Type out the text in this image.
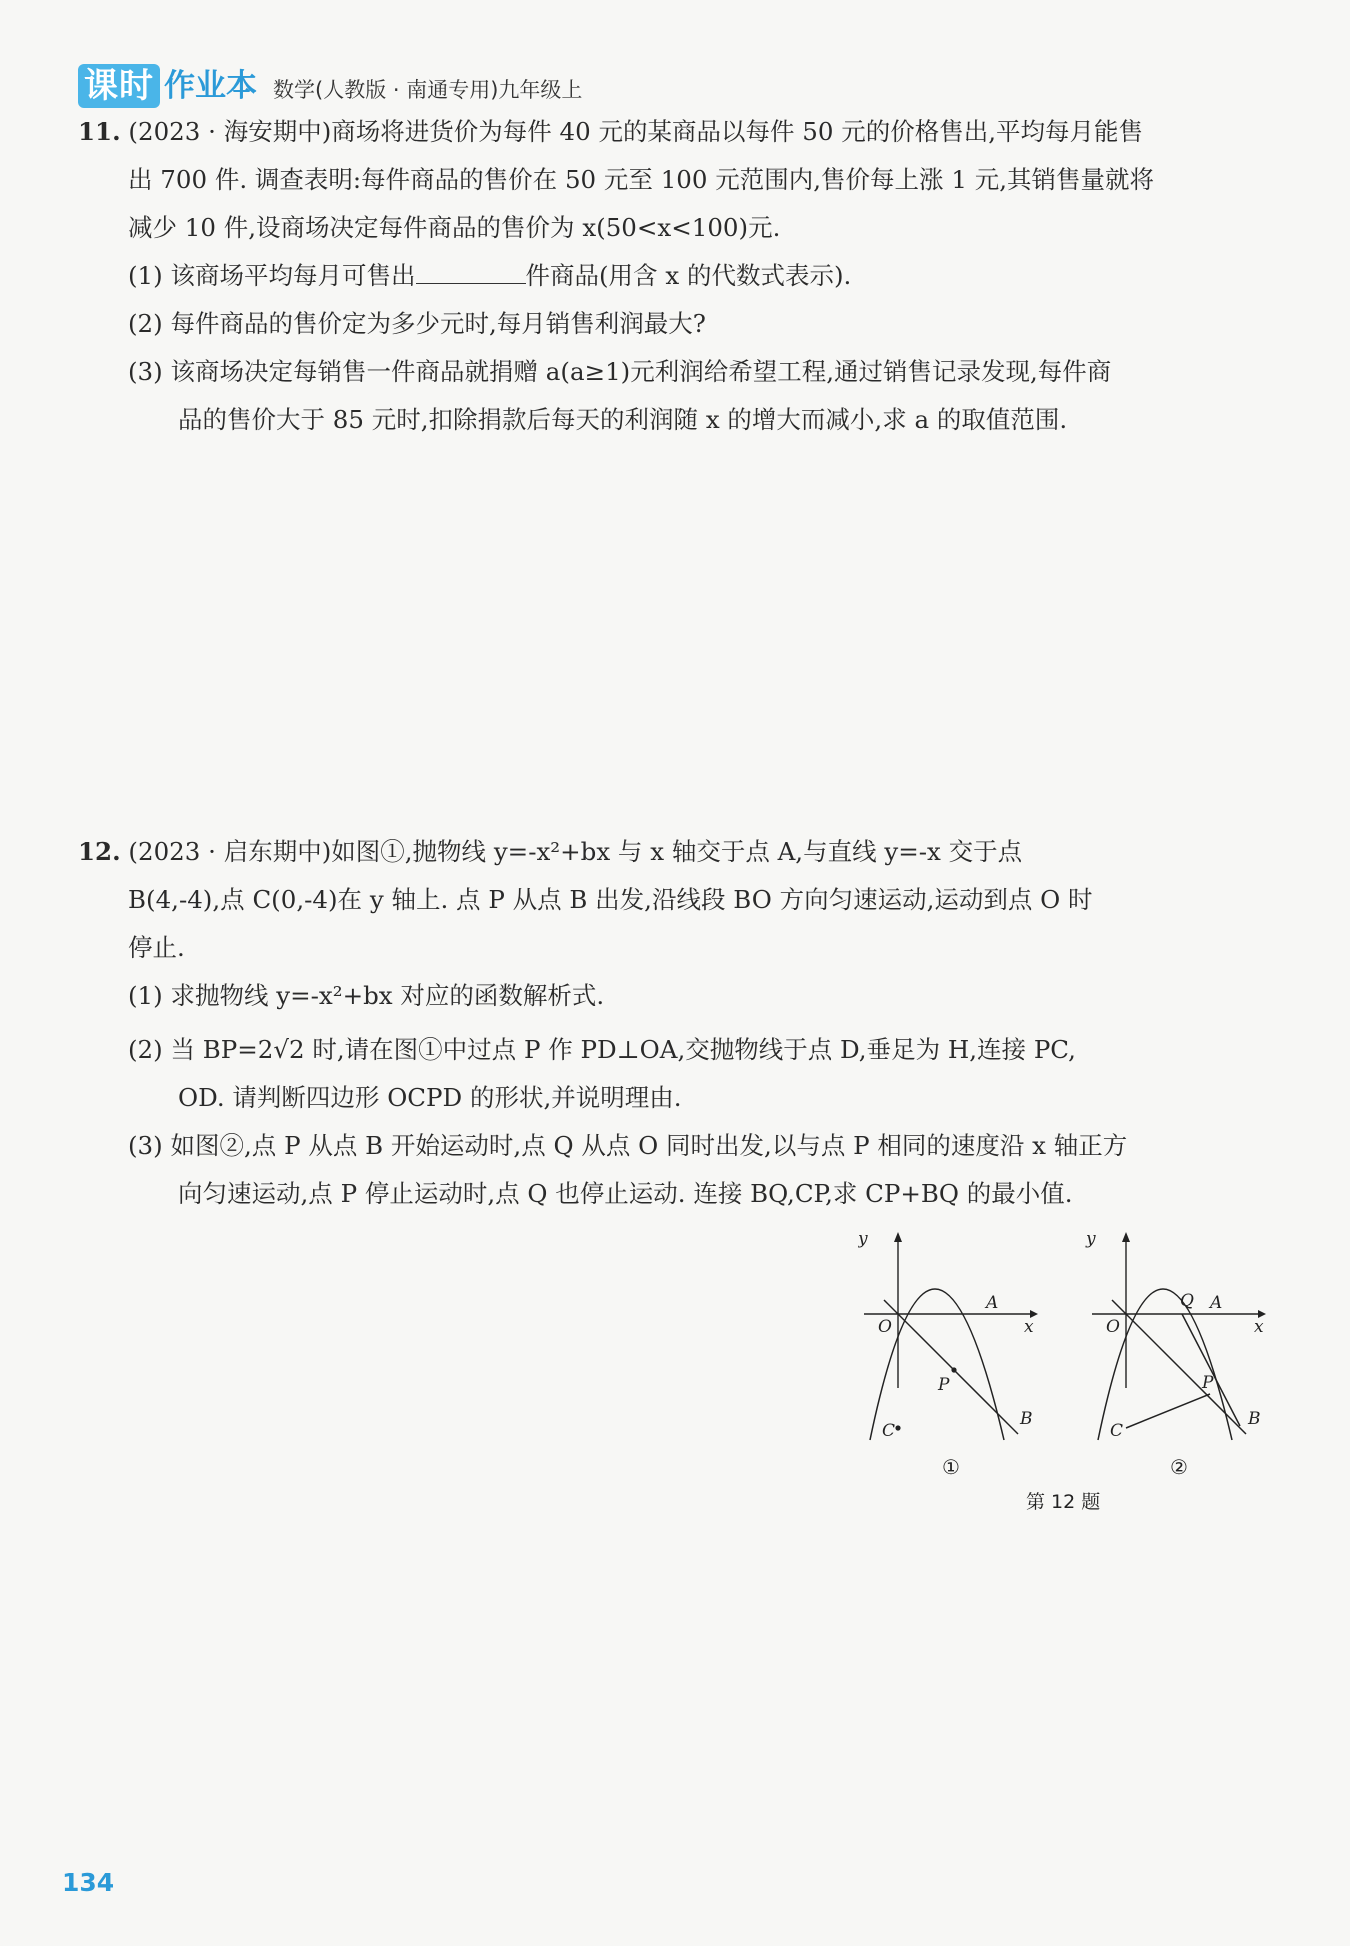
课时 作业本 数学(人教版 · 南通专用)九年级上
11. (2023 · 海安期中)商场将进货价为每件 40 元的某商品以每件 50 元的价格售出,平均每月能售
出 700 件. 调查表明:每件商品的售价在 50 元至 100 元范围内,售价每上涨 1 元,其销售量就将
减少 10 件,设商场决定每件商品的售价为 x(50<x<100)元.
(1) 该商场平均每月可售出	件商品(用含 x 的代数式表示).
(2) 每件商品的售价定为多少元时,每月销售利润最大?
(3) 该商场决定每销售一件商品就捐赠 a(a≥1)元利润给希望工程,通过销售记录发现,每件商
品的售价大于 85 元时,扣除捐款后每天的利润随 x 的增大而减小,求 a 的取值范围.
12. (2023 · 启东期中)如图①,抛物线 y=-x²+bx 与 x 轴交于点 A,与直线 y=-x 交于点
B(4,-4),点 C(0,-4)在 y 轴上. 点 P 从点 B 出发,沿线段 BO 方向匀速运动,运动到点 O 时
停止.
(1) 求抛物线 y=-x²+bx 对应的函数解析式.
(2) 当 BP=2√2 时,请在图①中过点 P 作 PD⊥OA,交抛物线于点 D,垂足为 H,连接 PC,
OD. 请判断四边形 OCPD 的形状,并说明理由.
(3) 如图②,点 P 从点 B 开始运动时,点 Q 从点 O 同时出发,以与点 P 相同的速度沿 x 轴正方
向匀速运动,点 P 停止运动时,点 Q 也停止运动. 连接 BQ,CP,求 CP+BQ 的最小值.
y
x
O
A
P
C
B
①
y
x
O
Q A
P
C
B
②
第 12 题
134
